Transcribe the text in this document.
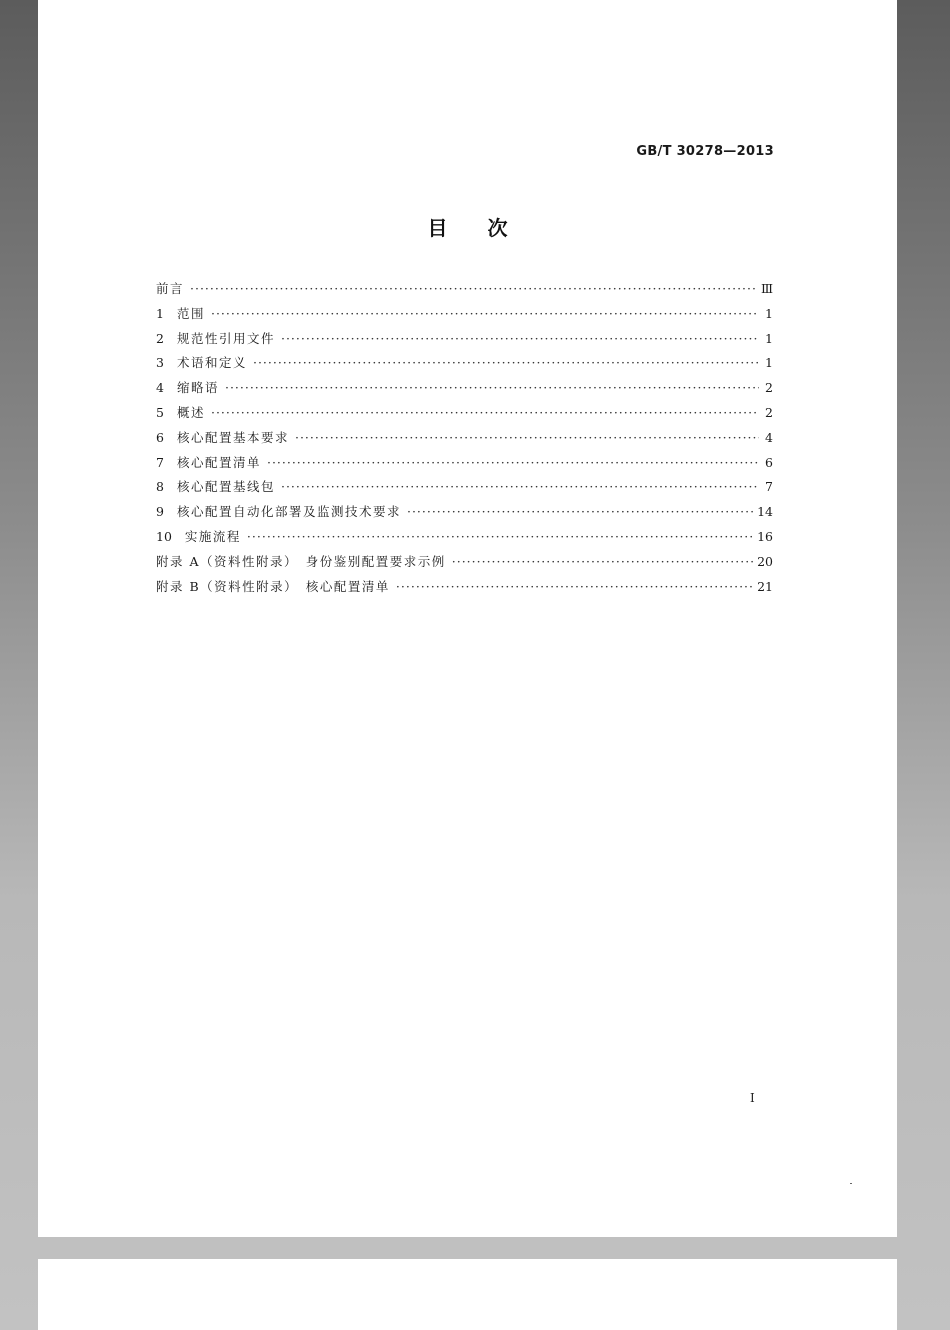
GB/T 30278—2013
目　　次
前言 ·····	Ⅲ
1 范围 ·····	1
2 规范性引用文件 ·····	1
3 术语和定义 ·····	1
4 缩略语 ·····	2
5 概述 ·····	2
6 核心配置基本要求 ·····	4
7 核心配置清单 ·····	6
8 核心配置基线包 ·····	7
9 核心配置自动化部署及监测技术要求 ·····	14
10 实施流程 ·····	16
附录 A（资料性附录）　身份鉴别配置要求示例 ·····	20
附录 B（资料性附录）　核心配置清单 ·····	21
I
